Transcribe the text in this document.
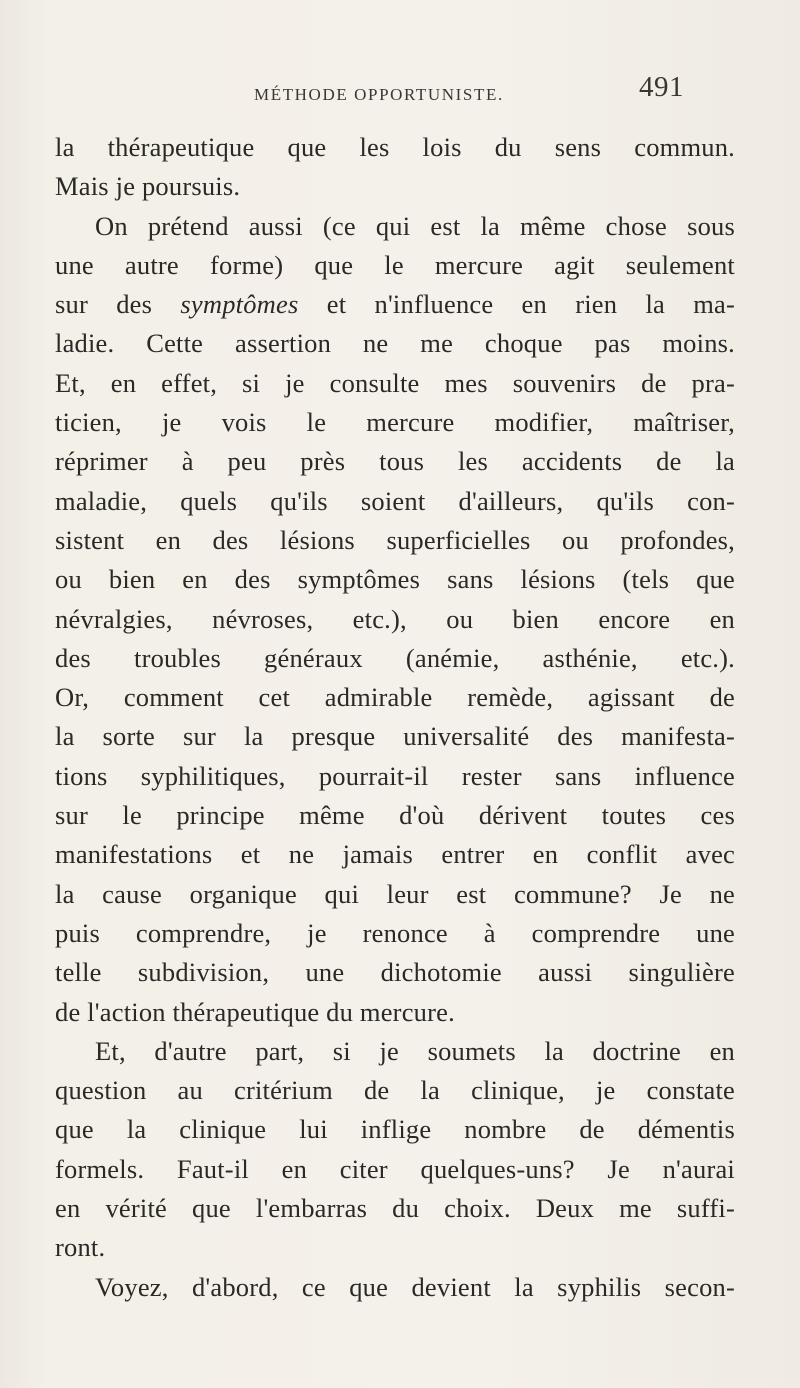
MÉTHODE OPPORTUNISTE.	491
la thérapeutique que les lois du sens commun.
Mais je poursuis.
On prétend aussi (ce qui est la même chose sous
une autre forme) que le mercure agit seulement
sur des symptômes et n'influence en rien la ma-
ladie. Cette assertion ne me choque pas moins.
Et, en effet, si je consulte mes souvenirs de pra-
ticien, je vois le mercure modifier, maîtriser,
réprimer à peu près tous les accidents de la
maladie, quels qu'ils soient d'ailleurs, qu'ils con-
sistent en des lésions superficielles ou profondes,
ou bien en des symptômes sans lésions (tels que
névralgies, névroses, etc.), ou bien encore en
des troubles généraux (anémie, asthénie, etc.).
Or, comment cet admirable remède, agissant de
la sorte sur la presque universalité des manifesta-
tions syphilitiques, pourrait-il rester sans influence
sur le principe même d'où dérivent toutes ces
manifestations et ne jamais entrer en conflit avec
la cause organique qui leur est commune? Je ne
puis comprendre, je renonce à comprendre une
telle subdivision, une dichotomie aussi singulière
de l'action thérapeutique du mercure.
Et, d'autre part, si je soumets la doctrine en
question au critérium de la clinique, je constate
que la clinique lui inflige nombre de démentis
formels. Faut-il en citer quelques-uns? Je n'aurai
en vérité que l'embarras du choix. Deux me suffi-
ront.
Voyez, d'abord, ce que devient la syphilis secon-
